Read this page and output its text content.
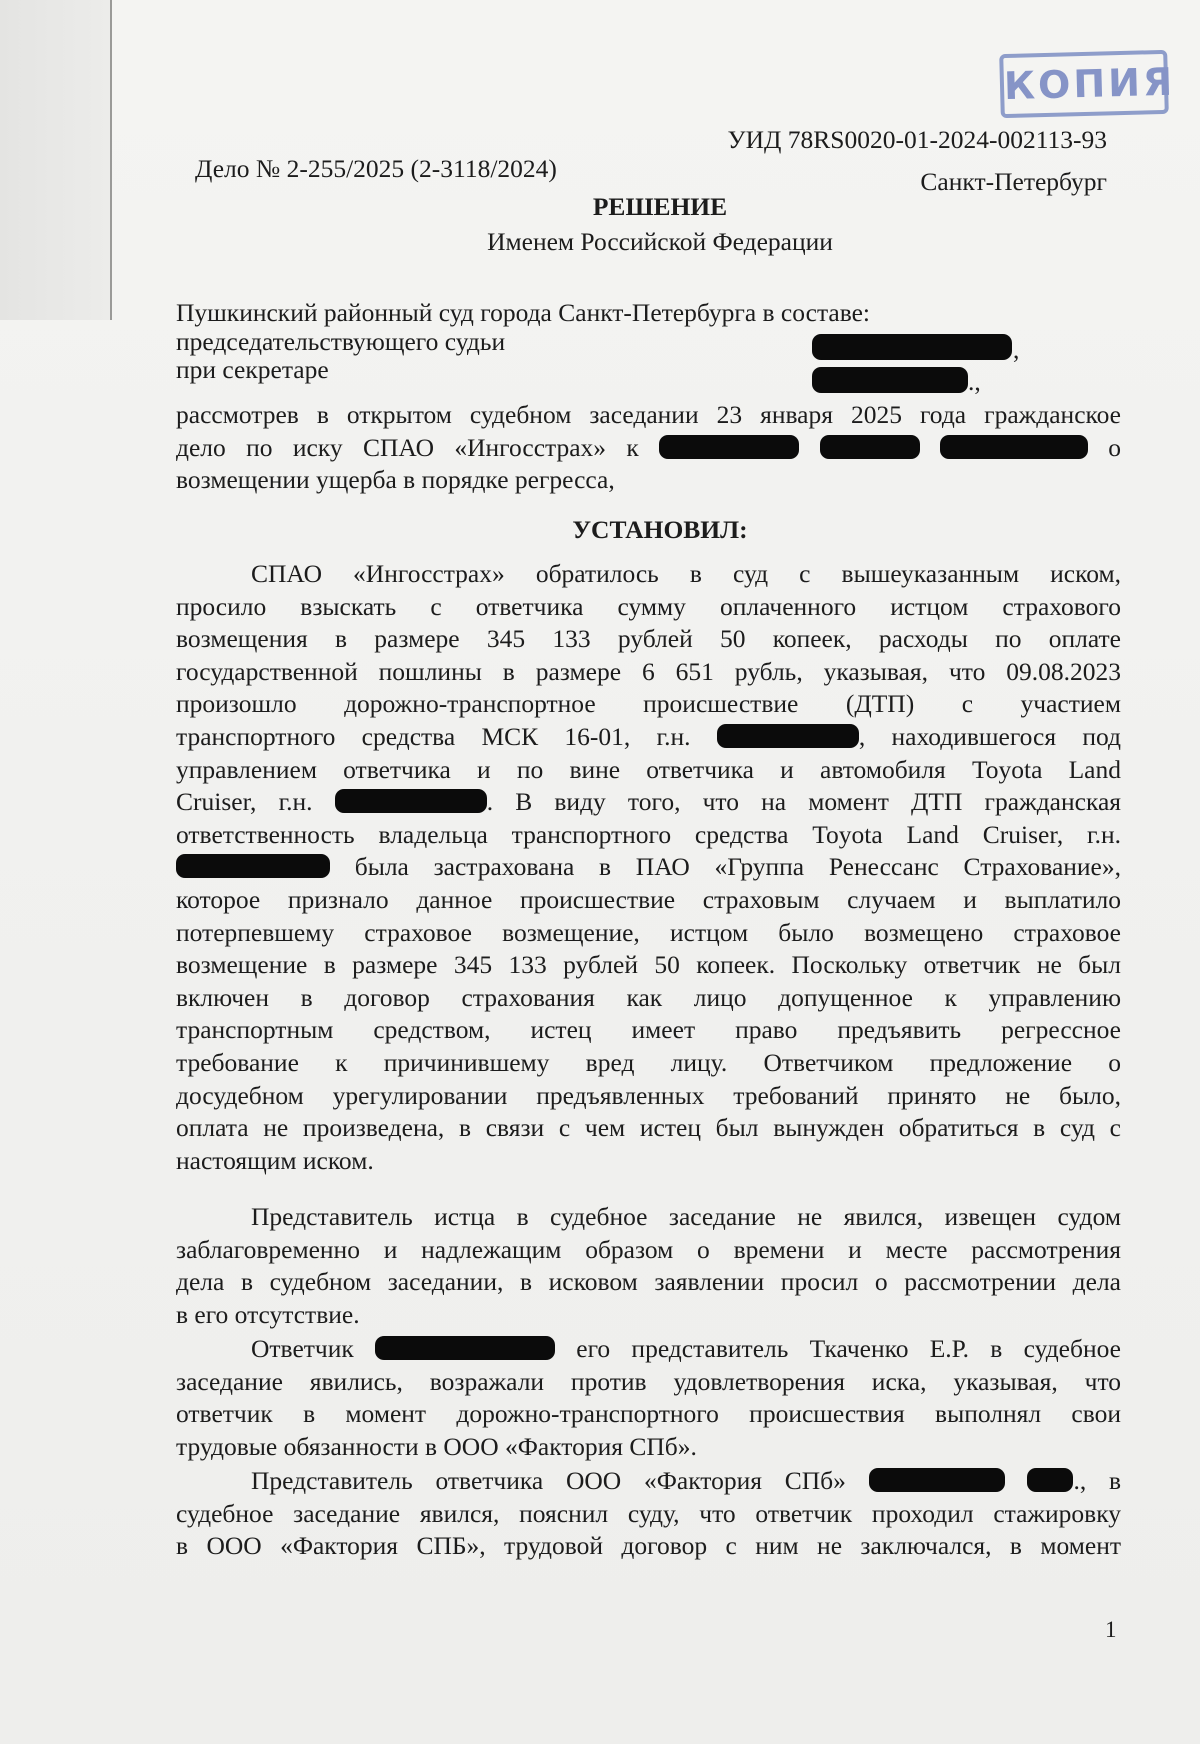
КОПИЯ
УИД 78RS0020-01-2024-002113-93
Дело № 2-255/2025 (2-3118/2024)	Санкт-Петербург
РЕШЕНИЕ
Именем Российской Федерации
Пушкинский районный суд города Санкт-Петербурга в составе:
председательствующего судьи	,
при секретаре	.,
рассмотрев в открытом судебном заседании 23 января 2025 года гражданское
дело по иску СПАО «Ингосстрах» к	о
возмещении ущерба в порядке регресса,
УСТАНОВИЛ:
СПАО «Ингосстрах» обратилось в суд с вышеуказанным иском,
просило взыскать с ответчика сумму оплаченного истцом страхового
возмещения в размере 345 133 рублей 50 копеек, расходы по оплате
государственной пошлины в размере 6 651 рубль, указывая, что 09.08.2023
произошло дорожно-транспортное происшествие (ДТП) с участием
транспортного средства МСК 16-01, г.н.	, находившегося под
управлением ответчика и по вине ответчика и автомобиля Toyota Land
Cruiser, г.н.	. В виду того, что на момент ДТП гражданская
ответственность владельца транспортного средства Toyota Land Cruiser, г.н.
была застрахована в ПАО «Группа Ренессанс Страхование»,
которое признало данное происшествие страховым случаем и выплатило
потерпевшему страховое возмещение, истцом было возмещено страховое
возмещение в размере 345 133 рублей 50 копеек. Поскольку ответчик не был
включен в договор страхования как лицо допущенное к управлению
транспортным средством, истец имеет право предъявить регрессное
требование к причинившему вред лицу. Ответчиком предложение о
досудебном урегулировании предъявленных требований принято не было,
оплата не произведена, в связи с чем истец был вынужден обратиться в суд с
настоящим иском.
Представитель истца в судебное заседание не явился, извещен судом
заблаговременно и надлежащим образом о времени и месте рассмотрения
дела в судебном заседании, в исковом заявлении просил о рассмотрении дела
в его отсутствие.
Ответчик	его представитель Ткаченко Е.Р. в судебное
заседание явились, возражали против удовлетворения иска, указывая, что
ответчик в момент дорожно-транспортного происшествия выполнял свои
трудовые обязанности в ООО «Фактория СПб».
Представитель ответчика ООО «Фактория СПб»	., в
судебное заседание явился, пояснил суду, что ответчик проходил стажировку
в ООО «Фактория СПБ», трудовой договор с ним не заключался, в момент
1
